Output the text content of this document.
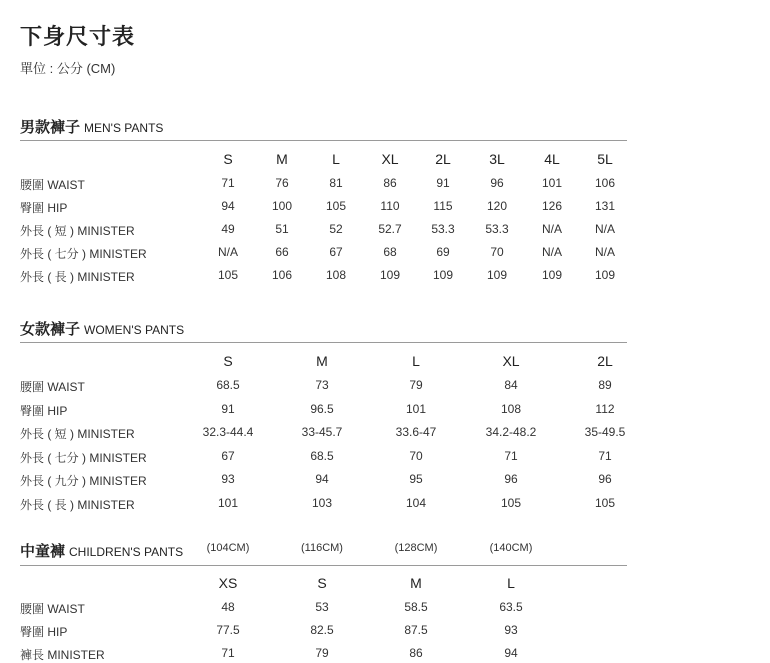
下身尺寸表
單位 : 公分 (CM)
男款褲子 MEN'S PANTS
S	M	L	XL	2L	3L	4L	5L
腰圍 WAIST	71	76	81	86	91	96	101	106
臀圍 HIP	94	100	105	110	115	120	126	131
外長 ( 短 ) MINISTER	49	51	52	52.7	53.3	53.3	N/A	N/A
外長 ( 七分 ) MINISTER	N/A	66	67	68	69	70	N/A	N/A
外長 ( 長 ) MINISTER	105	106	108	109	109	109	109	109
女款褲子 WOMEN'S PANTS
S	M	L	XL	2L
腰圍 WAIST	68.5	73	79	84	89
臀圍 HIP	91	96.5	101	108	112
外長 ( 短 ) MINISTER	32.3-44.4	33-45.7	33.6-47	34.2-48.2	35-49.5
外長 ( 七分 ) MINISTER	67	68.5	70	71	71
外長 ( 九分 ) MINISTER	93	94	95	96	96
外長 ( 長 ) MINISTER	101	103	104	105	105
中童褲 CHILDREN'S PANTS	(104CM)	(116CM)	(128CM)	(140CM)
XS	S	M	L
腰圍 WAIST	48	53	58.5	63.5
臀圍 HIP	77.5	82.5	87.5	93
褲長 MINISTER	71	79	86	94
